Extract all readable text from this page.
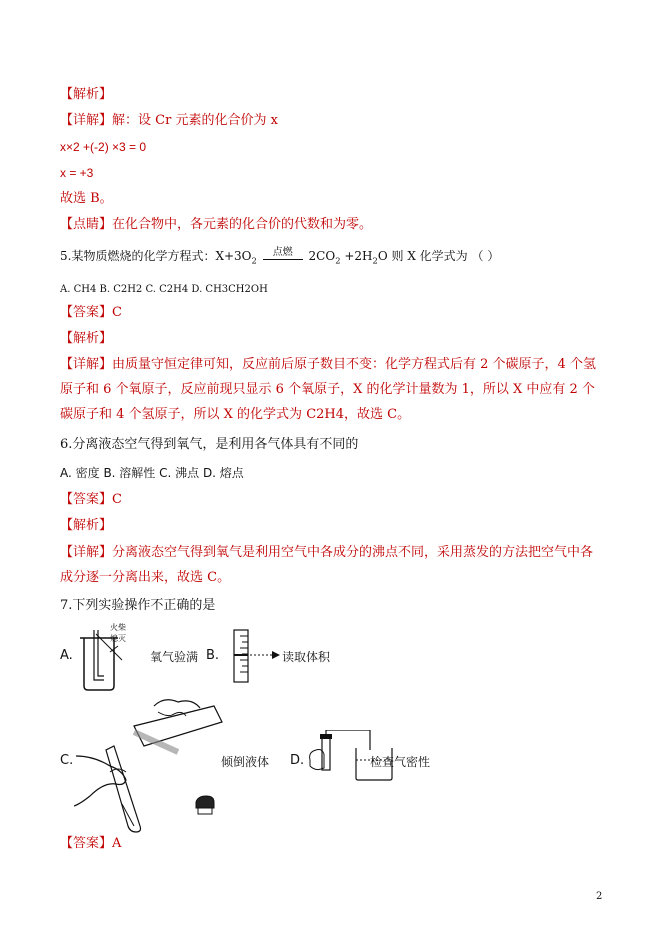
【解析】
【详解】解：设 Cr 元素的化合价为 x
x×2 +(-2) ×3 = 0
x = +3
故选 B。
【点睛】在化合物中，各元素的化合价的代数和为零。
5.某物质燃烧的化学方程式：$X+3O_2$
点燃	$2CO_2 +2H_2O$ 则 X 化学式为 （ ）
A. CH4 B. C2H2 C. C2H4 D. CH3CH2OH
【答案】C
【解析】
【详解】由质量守恒定律可知，反应前后原子数目不变：化学方程式后有 2 个碳原子，4 个氢原子和 6 个氧原子，反应前现只显示 6 个氧原子，X 的化学计量数为 1，所以 X 中应有 2 个碳原子和 4 个氢原子，所以 X 的化学式为 C2H4，故选 C。
6.分离液态空气得到氧气，是利用各气体具有不同的
A. 密度 B. 溶解性 C. 沸点 D. 熔点
【答案】C
【解析】
【详解】分离液态空气得到氧气是利用空气中各成分的沸点不同，采用蒸发的方法把空气中各成分逐一分离出来，故选 C。
7.下列实验操作不正确的是
A.
火柴
熄灭
氧气验满 B.	读取体积
C.	倾倒液体 D.	检查气密性
【答案】A
2
